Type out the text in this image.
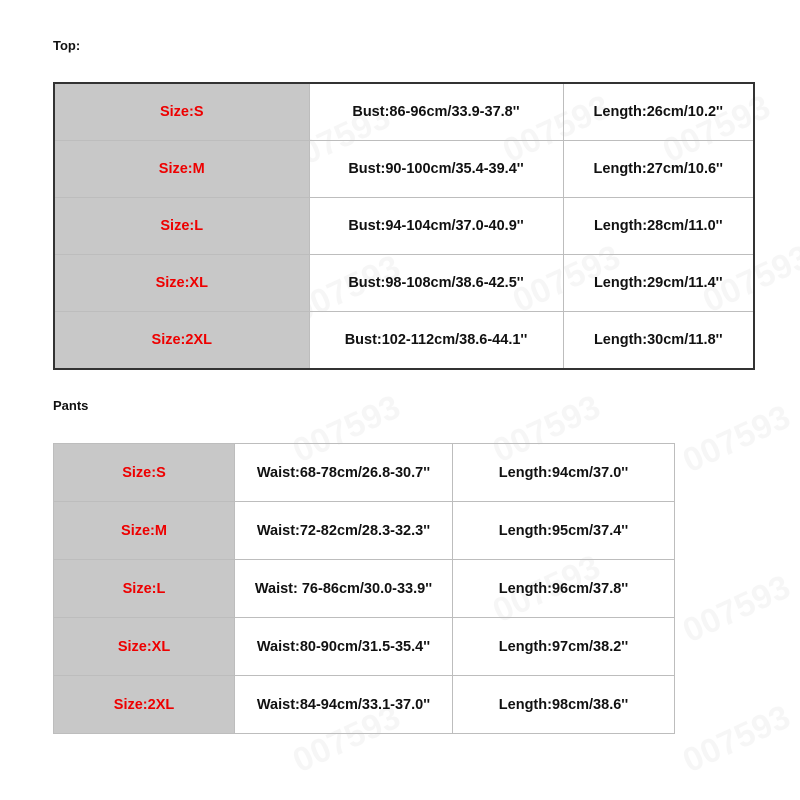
Top:
Size:S	Bust:86-96cm/33.9-37.8''	Length:26cm/10.2''
Size:M	Bust:90-100cm/35.4-39.4''	Length:27cm/10.6''
Size:L	Bust:94-104cm/37.0-40.9''	Length:28cm/11.0''
Size:XL	Bust:98-108cm/38.6-42.5''	Length:29cm/11.4''
Size:2XL	Bust:102-112cm/38.6-44.1''	Length:30cm/11.8''
Pants
Size:S	Waist:68-78cm/26.8-30.7''	Length:94cm/37.0''
Size:M	Waist:72-82cm/28.3-32.3''	Length:95cm/37.4''
Size:L	Waist: 76-86cm/30.0-33.9''	Length:96cm/37.8''
Size:XL	Waist:80-90cm/31.5-35.4''	Length:97cm/38.2''
Size:2XL	Waist:84-94cm/33.1-37.0''	Length:98cm/38.6''
